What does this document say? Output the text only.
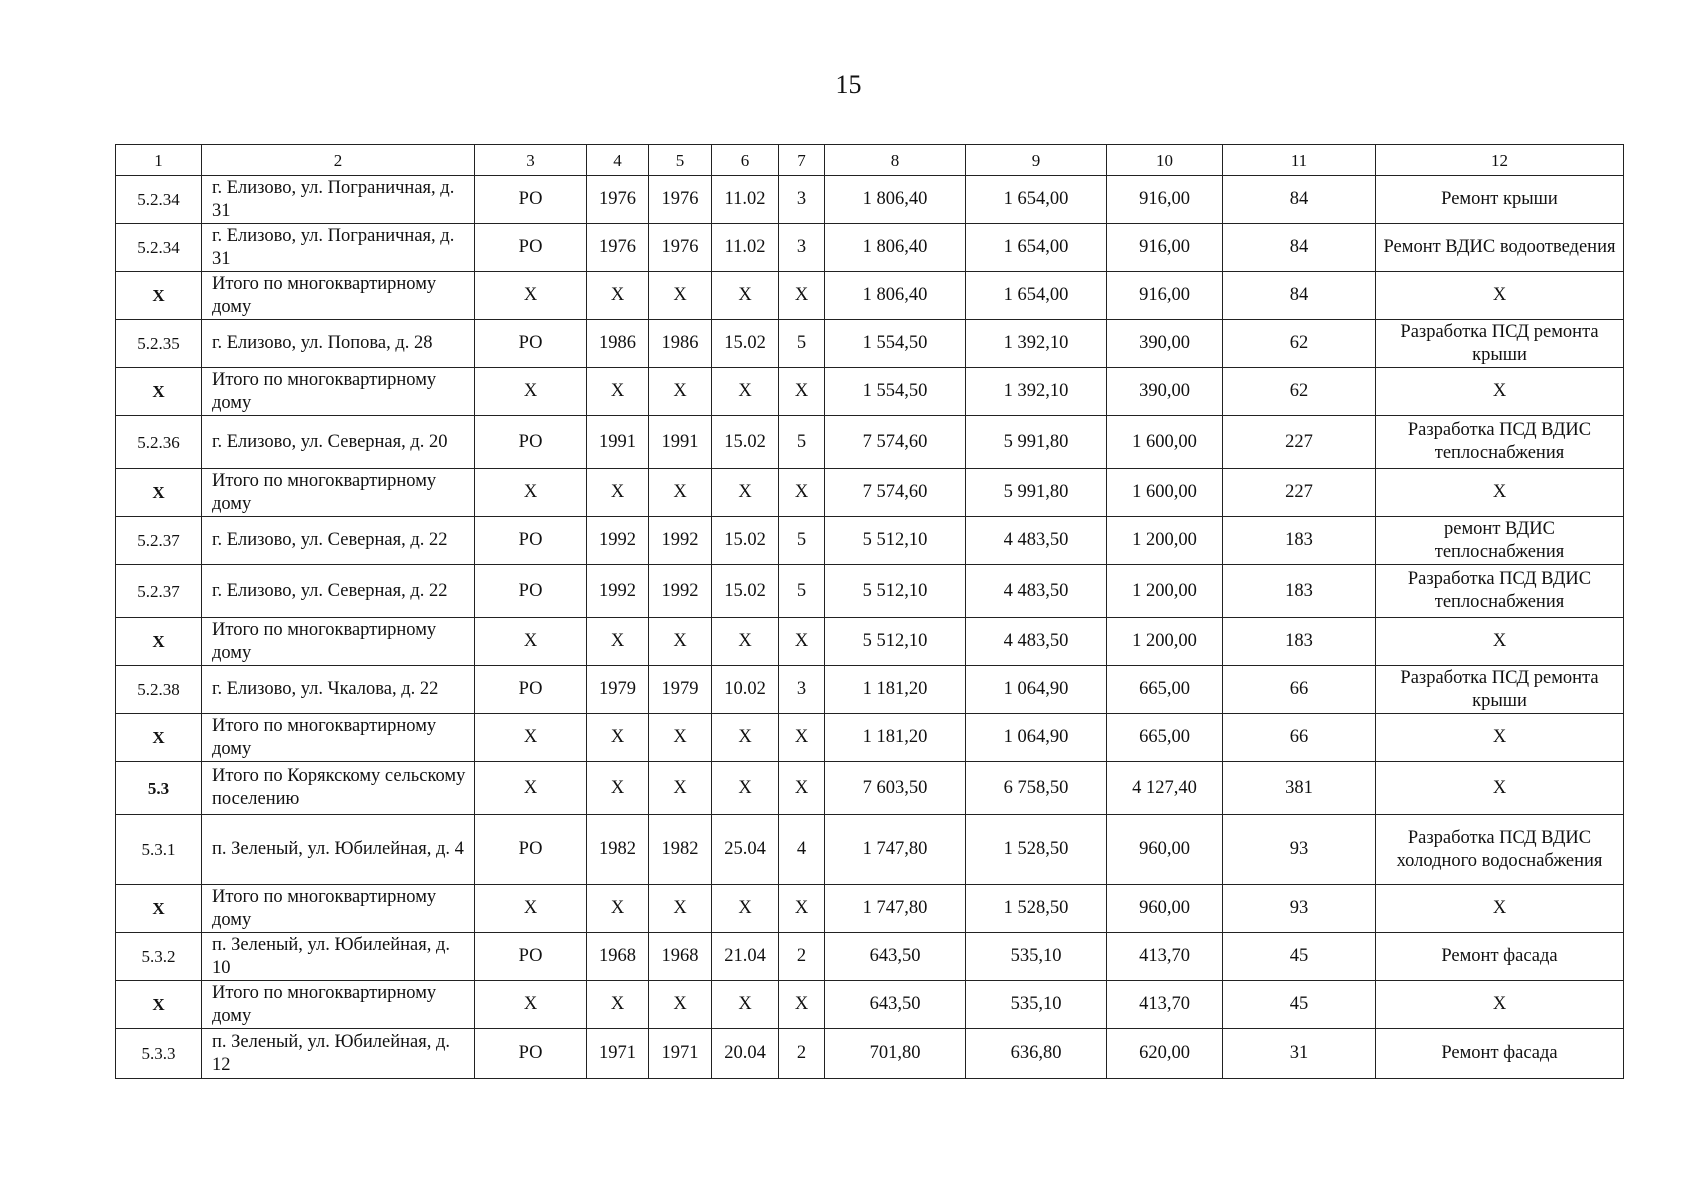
15
1	2	3	4	5	6	7	8	9	10	11	12
5.2.34	г. Елизово, ул. Пограничная, д. 31	РО	1976	1976	11.02	3	1 806,40	1 654,00	916,00	84	Ремонт крыши
5.2.34	г. Елизово, ул. Пограничная, д. 31	РО	1976	1976	11.02	3	1 806,40	1 654,00	916,00	84	Ремонт ВДИС водоотведения
Х	Итого по многоквартирному дому	Х	Х	Х	Х	Х	1 806,40	1 654,00	916,00	84	Х
5.2.35	г. Елизово, ул. Попова, д. 28	РО	1986	1986	15.02	5	1 554,50	1 392,10	390,00	62	Разработка ПСД ремонта крыши
Х	Итого по многоквартирному дому	Х	Х	Х	Х	Х	1 554,50	1 392,10	390,00	62	Х
5.2.36	г. Елизово, ул. Северная, д. 20	РО	1991	1991	15.02	5	7 574,60	5 991,80	1 600,00	227	Разработка ПСД ВДИС теплоснабжения
Х	Итого по многоквартирному дому	Х	Х	Х	Х	Х	7 574,60	5 991,80	1 600,00	227	Х
5.2.37	г. Елизово, ул. Северная, д. 22	РО	1992	1992	15.02	5	5 512,10	4 483,50	1 200,00	183	ремонт ВДИС теплоснабжения
5.2.37	г. Елизово, ул. Северная, д. 22	РО	1992	1992	15.02	5	5 512,10	4 483,50	1 200,00	183	Разработка ПСД ВДИС теплоснабжения
Х	Итого по многоквартирному дому	Х	Х	Х	Х	Х	5 512,10	4 483,50	1 200,00	183	Х
5.2.38	г. Елизово, ул. Чкалова, д. 22	РО	1979	1979	10.02	3	1 181,20	1 064,90	665,00	66	Разработка ПСД ремонта крыши
Х	Итого по многоквартирному дому	Х	Х	Х	Х	Х	1 181,20	1 064,90	665,00	66	Х
5.3	Итого по Корякскому сельскому поселению	Х	Х	Х	Х	Х	7 603,50	6 758,50	4 127,40	381	Х
5.3.1	п. Зеленый, ул. Юбилейная, д. 4	РО	1982	1982	25.04	4	1 747,80	1 528,50	960,00	93	Разработка ПСД ВДИС холодного водоснабжения
Х	Итого по многоквартирному дому	Х	Х	Х	Х	Х	1 747,80	1 528,50	960,00	93	Х
5.3.2	п. Зеленый, ул. Юбилейная, д. 10	РО	1968	1968	21.04	2	643,50	535,10	413,70	45	Ремонт фасада
Х	Итого по многоквартирному дому	Х	Х	Х	Х	Х	643,50	535,10	413,70	45	Х
5.3.3	п. Зеленый, ул. Юбилейная, д. 12	РО	1971	1971	20.04	2	701,80	636,80	620,00	31	Ремонт фасада
